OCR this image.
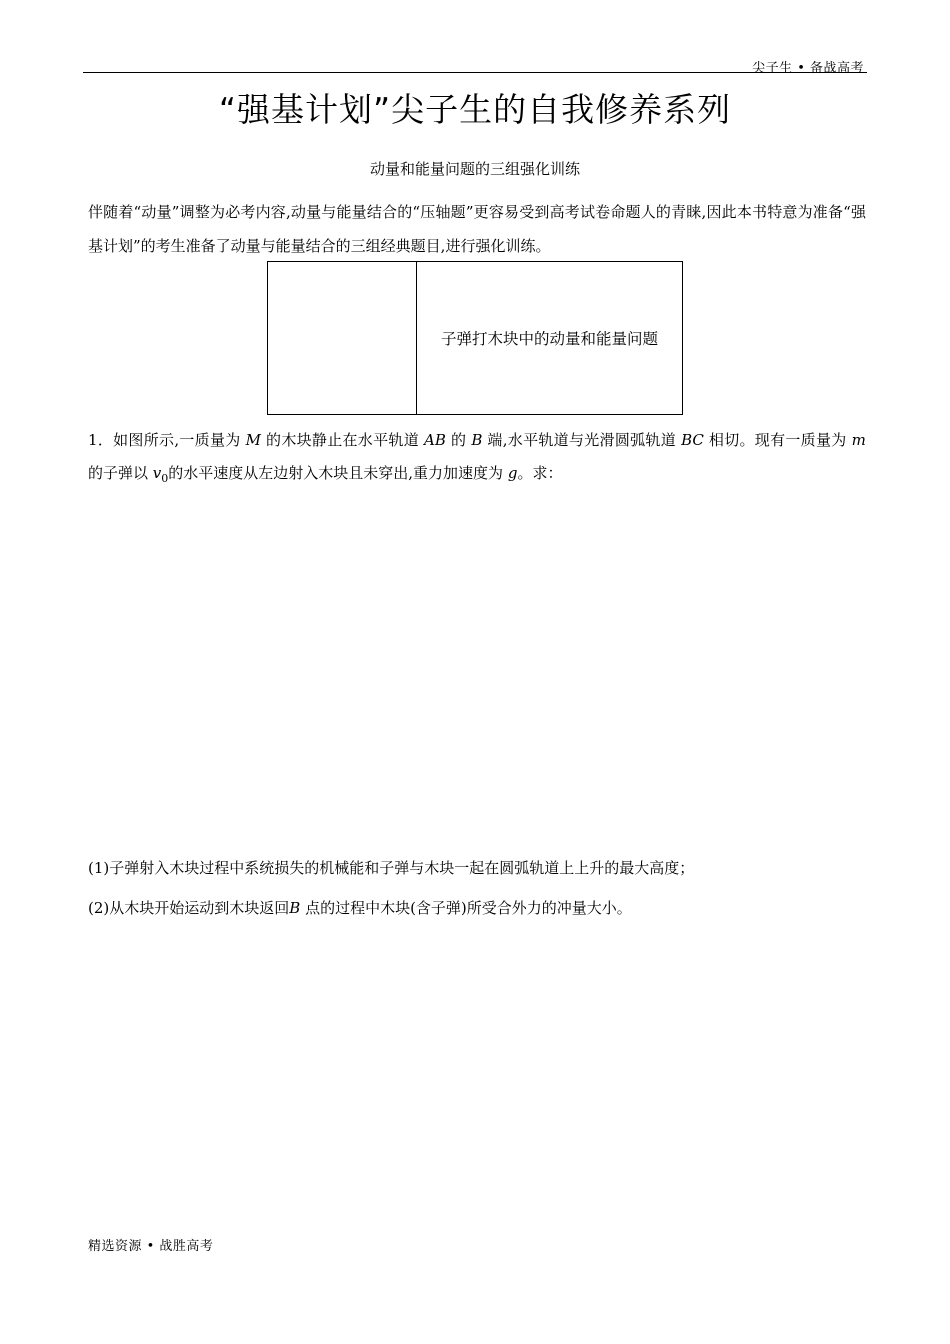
尖子生 • 备战高考
“强基计划”尖子生的自我修养系列
动量和能量问题的三组强化训练
伴随着“动量”调整为必考内容,动量与能量结合的“压轴题”更容易受到高考试卷命题人的青睐,因此本书特意为准备“强基计划”的考生准备了动量与能量结合的三组经典题目,进行强化训练。
子弹打木块中的动量和能量问题
1．如图所示,一质量为 M 的木块静止在水平轨道 AB 的 B 端,水平轨道与光滑圆弧轨道 BC 相切。现有一质量为 m 的子弹以 $v_0$的水平速度从左边射入木块且未穿出,重力加速度为 g。求：
(1)子弹射入木块过程中系统损失的机械能和子弹与木块一起在圆弧轨道上上升的最大高度；
(2)从木块开始运动到木块返回B 点的过程中木块(含子弹)所受合外力的冲量大小。
精选资源 • 战胜高考
